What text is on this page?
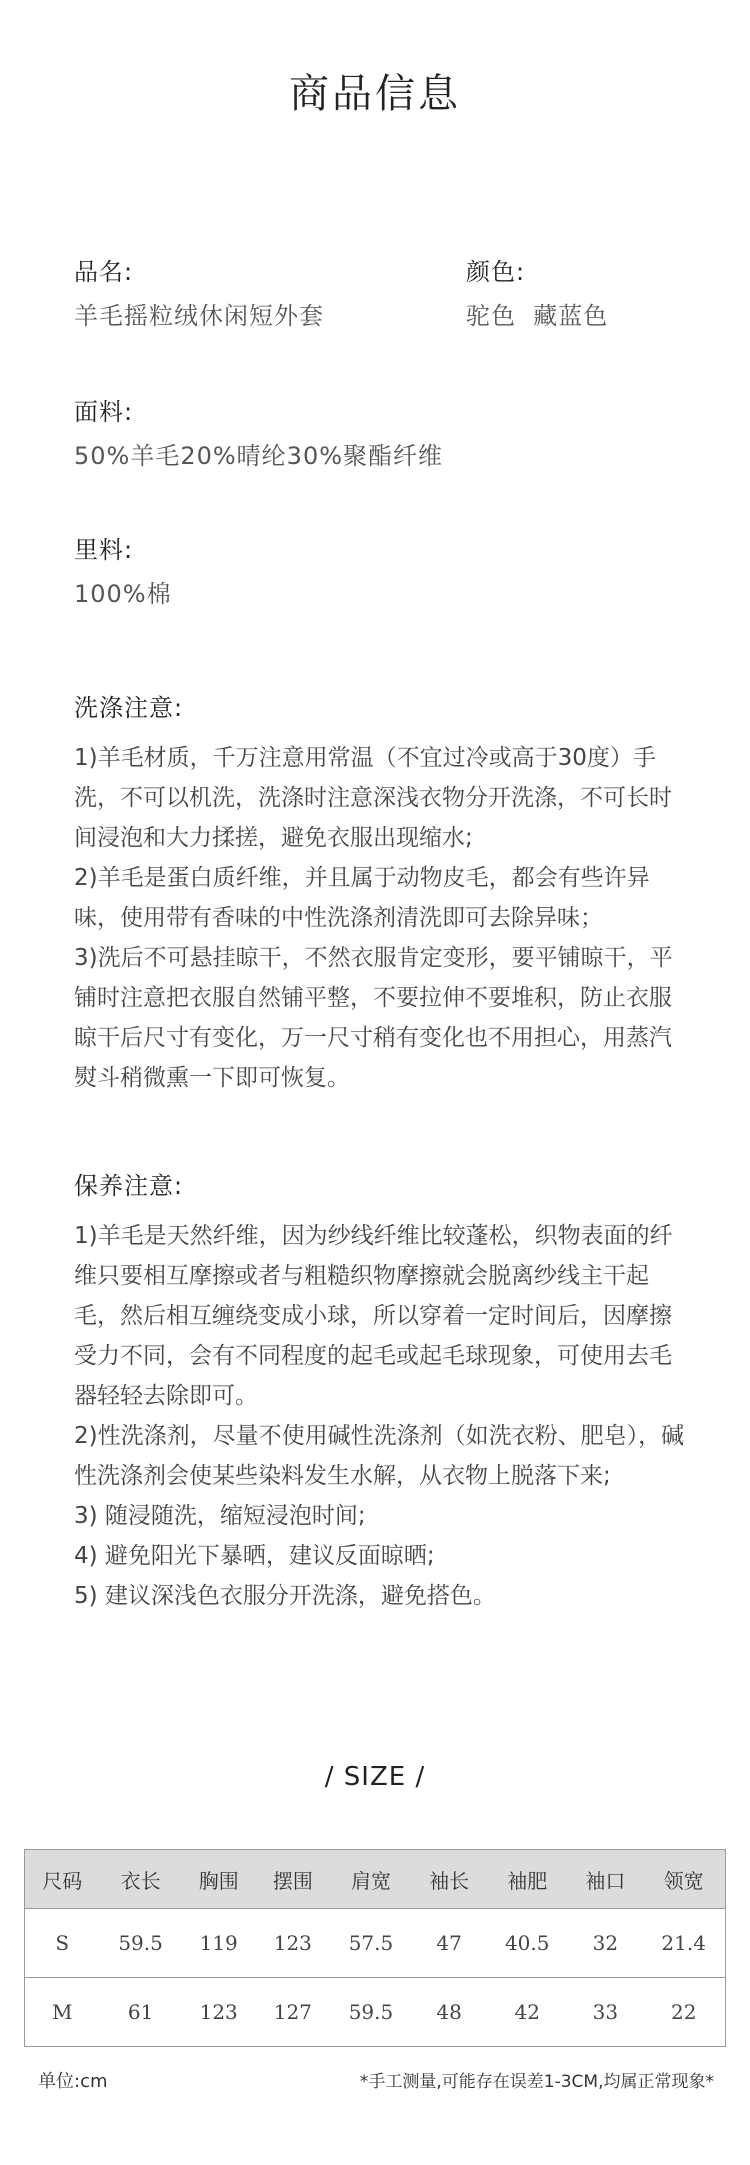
商品信息
品名:
羊毛摇粒绒休闲短外套
颜色:
驼色  藏蓝色
面料:
50%羊毛20%晴纶30%聚酯纤维
里料:
100%棉
洗涤注意:

1)羊毛材质，千万注意用常温（不宜过冷或高于30度）手洗，不可以机洗，洗涤时注意深浅衣物分开洗涤，不可长时间浸泡和大力揉搓，避免衣服出现缩水;

2)羊毛是蛋白质纤维，并且属于动物皮毛，都会有些许异味，使用带有香味的中性洗涤剂清洗即可去除异味；

3)洗后不可悬挂晾干，不然衣服肯定变形，要平铺晾干，平铺时注意把衣服自然铺平整，不要拉伸不要堆积，防止衣服晾干后尺寸有变化，万一尺寸稍有变化也不用担心，用蒸汽熨斗稍微熏一下即可恢复。

保养注意:

1)羊毛是天然纤维，因为纱线纤维比较蓬松，织物表面的纤维只要相互摩擦或者与粗糙织物摩擦就会脱离纱线主干起毛，然后相互缠绕变成小球，所以穿着一定时间后，因摩擦受力不同，会有不同程度的起毛或起毛球现象，可使用去毛器轻轻去除即可。

2)性洗涤剂，尽量不使用碱性洗涤剂（如洗衣粉、肥皂），碱性洗涤剂会使某些染料发生水解，从衣物上脱落下来;

3) 随浸随洗，缩短浸泡时间;

4) 避免阳光下暴晒，建议反面晾晒;

5) 建议深浅色衣服分开洗涤，避免搭色。

/ SIZE /
尺码	衣长	胸围	摆围	肩宽	袖长	袖肥	袖口	领宽
S	59.5	119	123	57.5	47	40.5	32	21.4
M	61	123	127	59.5	48	42	33	22
单位:cm	*手工测量,可能存在误差1-3CM,均属正常现象*
